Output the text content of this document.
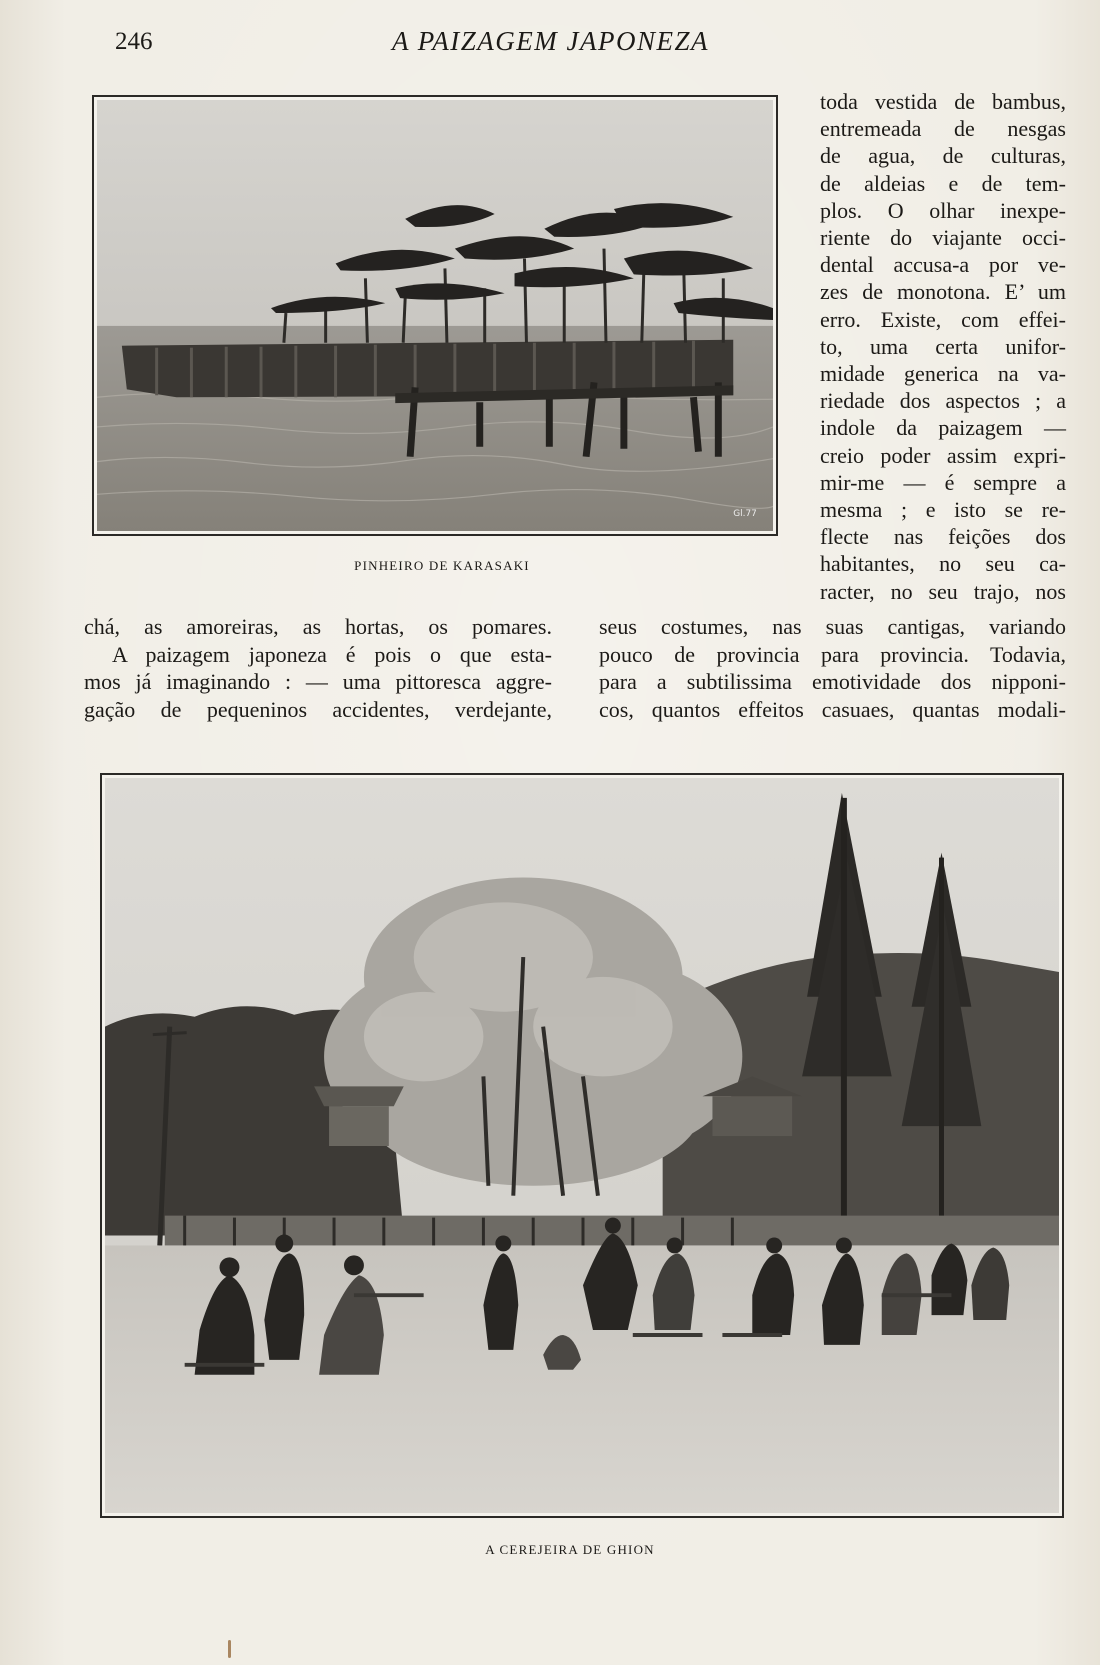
246	A PAIZAGEM JAPONEZA
Gl.77
PINHEIRO DE KARASAKI
toda vestida de bambus,
entremeada de nesgas
de agua, de culturas,
de aldeias e de tem-
plos. O olhar inexpe-
riente do viajante occi-
dental accusa-a por ve-
zes de monotona. E’ um
erro. Existe, com effei-
to, uma certa unifor-
midade generica na va-
riedade dos aspectos ; a
indole da paizagem —
creio poder assim expri-
mir-me — é sempre a
mesma ; e isto se re-
flecte nas feições dos
habitantes, no seu ca-
racter, no seu trajo, nos
chá, as amoreiras, as hortas, os pomares.
A paizagem japoneza é pois o que esta-
mos já imaginando : — uma pittoresca aggre-
gação de pequeninos accidentes, verdejante,
seus costumes, nas suas cantigas, variando
pouco de provincia para provincia. Todavia,
para a subtilissima emotividade dos nipponi-
cos, quantos effeitos casuaes, quantas modali-
A CEREJEIRA DE GHION
